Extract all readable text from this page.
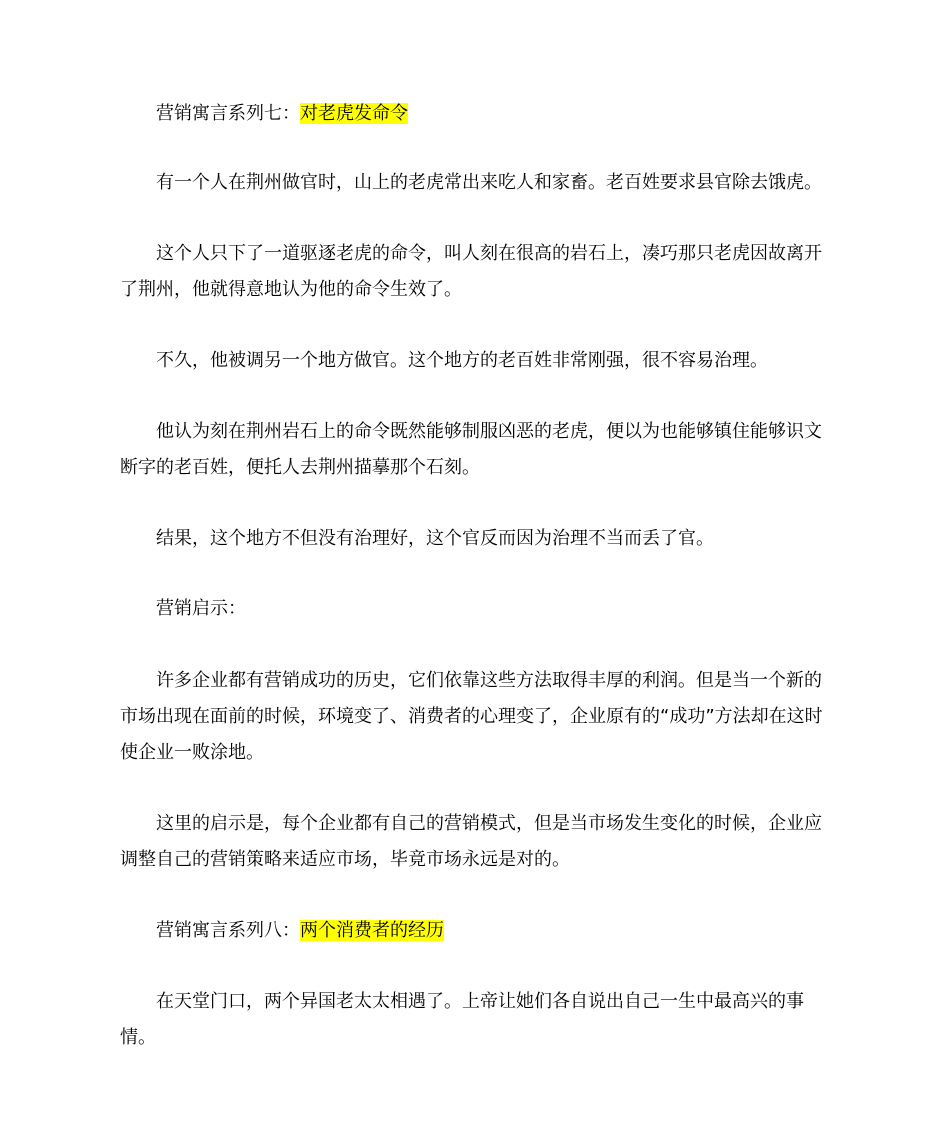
营销寓言系列七：对老虎发命令

有一个人在荆州做官时，山上的老虎常出来吃人和家畜。老百姓要求县官除去饿虎。

这个人只下了一道驱逐老虎的命令，叫人刻在很高的岩石上，凑巧那只老虎因故离开了荆州，他就得意地认为他的命令生效了。

不久，他被调另一个地方做官。这个地方的老百姓非常刚强，很不容易治理。

他认为刻在荆州岩石上的命令既然能够制服凶恶的老虎，便以为也能够镇住能够识文断字的老百姓，便托人去荆州描摹那个石刻。

结果，这个地方不但没有治理好，这个官反而因为治理不当而丢了官。

营销启示：

许多企业都有营销成功的历史，它们依靠这些方法取得丰厚的利润。但是当一个新的市场出现在面前的时候，环境变了、消费者的心理变了，企业原有的“成功”方法却在这时使企业一败涂地。

这里的启示是，每个企业都有自己的营销模式，但是当市场发生变化的时候，企业应调整自己的营销策略来适应市场，毕竟市场永远是对的。

营销寓言系列八：两个消费者的经历

在天堂门口，两个异国老太太相遇了。上帝让她们各自说出自己一生中最高兴的事情。
